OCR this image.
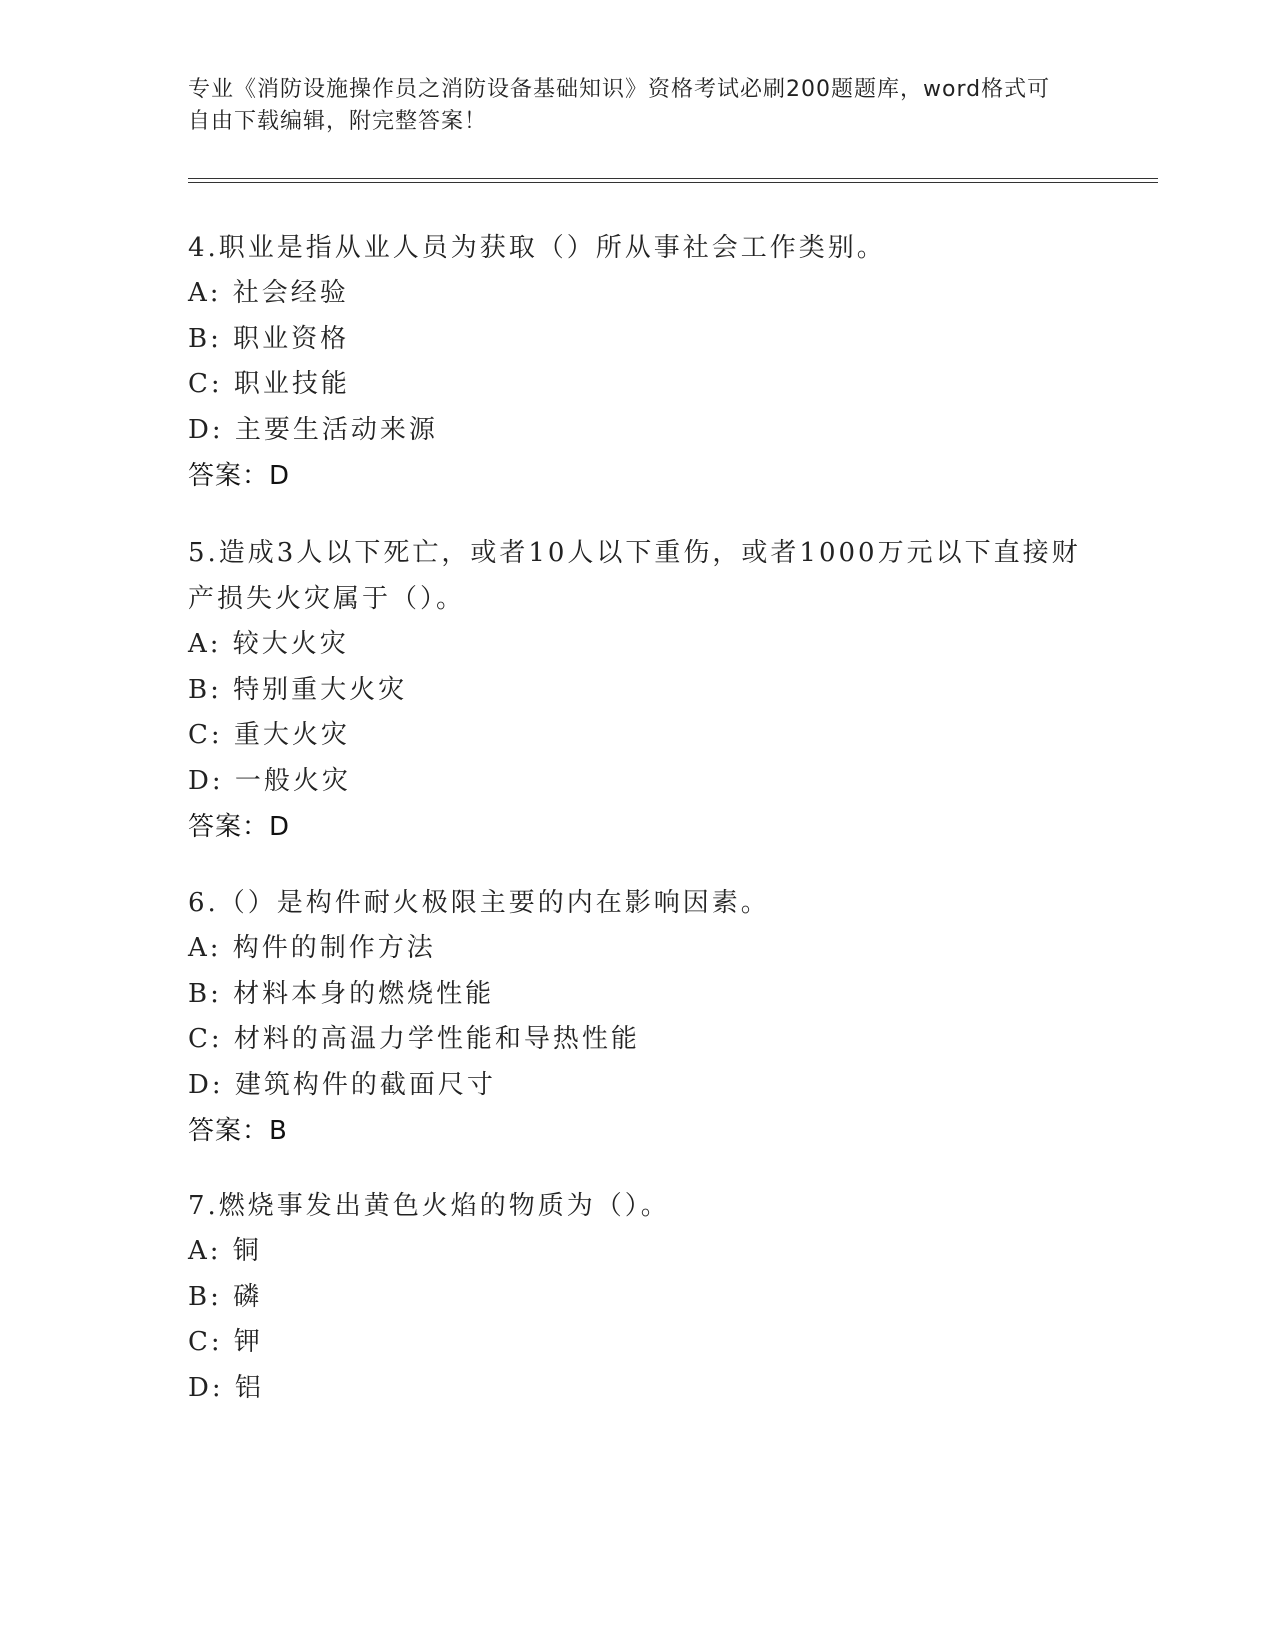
专业《消防设施操作员之消防设备基础知识》资格考试必刷200题题库，word格式可自由下载编辑，附完整答案！

4.职业是指从业人员为获取（）所从事社会工作类别。

A: 社会经验

B: 职业资格

C: 职业技能

D: 主要生活动来源

答案：D

5.造成3人以下死亡，或者10人以下重伤，或者1000万元以下直接财产损失火灾属于（）。

A: 较大火灾

B: 特别重大火灾

C: 重大火灾

D: 一般火灾

答案：D

6.（）是构件耐火极限主要的内在影响因素。

A: 构件的制作方法

B: 材料本身的燃烧性能

C: 材料的高温力学性能和导热性能

D: 建筑构件的截面尺寸

答案：B

7.燃烧事发出黄色火焰的物质为（）。

A: 铜

B: 磷

C: 钾

D: 铝
